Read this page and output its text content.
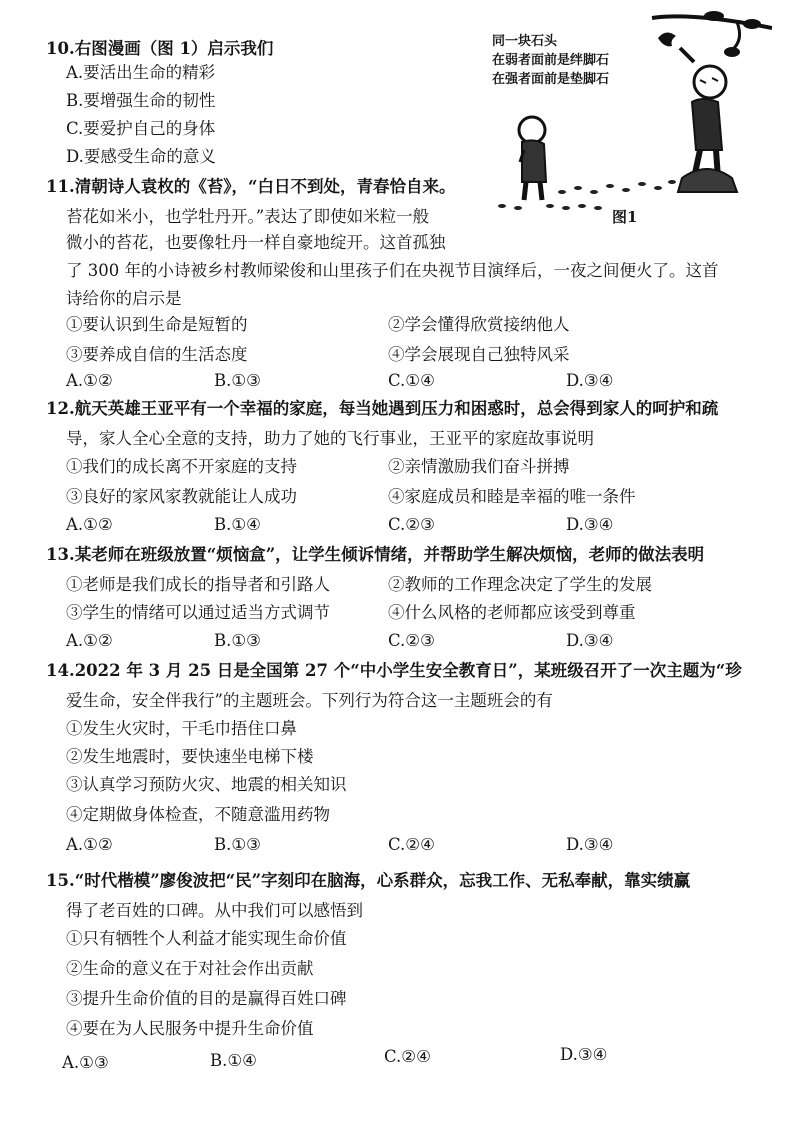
同一块石头
在弱者面前是绊脚石
在强者面前是垫脚石
图1
10.右图漫画（图 1）启示我们
A.要活出生命的精彩
B.要增强生命的韧性
C.要爱护自己的身体
D.要感受生命的意义
11.清朝诗人袁枚的《苔》，“白日不到处，青春恰自来。
苔花如米小，也学牡丹开。”表达了即使如米粒一般
微小的苔花，也要像牡丹一样自豪地绽开。这首孤独
了 300 年的小诗被乡村教师梁俊和山里孩子们在央视节目演绎后，一夜之间便火了。这首
诗给你的启示是
①要认识到生命是短暂的	②学会懂得欣赏接纳他人
③要养成自信的生活态度	④学会展现自己独特风采
A.①②	B.①③	C.①④	D.③④
12.航天英雄王亚平有一个幸福的家庭，每当她遇到压力和困惑时，总会得到家人的呵护和疏
导，家人全心全意的支持，助力了她的飞行事业，王亚平的家庭故事说明
①我们的成长离不开家庭的支持	②亲情激励我们奋斗拼搏
③良好的家风家教就能让人成功	④家庭成员和睦是幸福的唯一条件
A.①②	B.①④	C.②③	D.③④
13.某老师在班级放置“烦恼盒”，让学生倾诉情绪，并帮助学生解决烦恼，老师的做法表明
①老师是我们成长的指导者和引路人	②教师的工作理念决定了学生的发展
③学生的情绪可以通过适当方式调节	④什么风格的老师都应该受到尊重
A.①②	B.①③	C.②③	D.③④
14.2022 年 3 月 25 日是全国第 27 个“中小学生安全教育日”，某班级召开了一次主题为“珍
爱生命，安全伴我行”的主题班会。下列行为符合这一主题班会的有
①发生火灾时，干毛巾捂住口鼻
②发生地震时，要快速坐电梯下楼
③认真学习预防火灾、地震的相关知识
④定期做身体检查，不随意滥用药物
A.①②	B.①③	C.②④	D.③④
15.“时代楷模”廖俊波把“民”字刻印在脑海，心系群众，忘我工作、无私奉献，靠实绩赢
得了老百姓的口碑。从中我们可以感悟到
①只有牺牲个人利益才能实现生命价值
②生命的意义在于对社会作出贡献
③提升生命价值的目的是赢得百姓口碑
④要在为人民服务中提升生命价值
A.①③	B.①④	C.②④	D.③④
